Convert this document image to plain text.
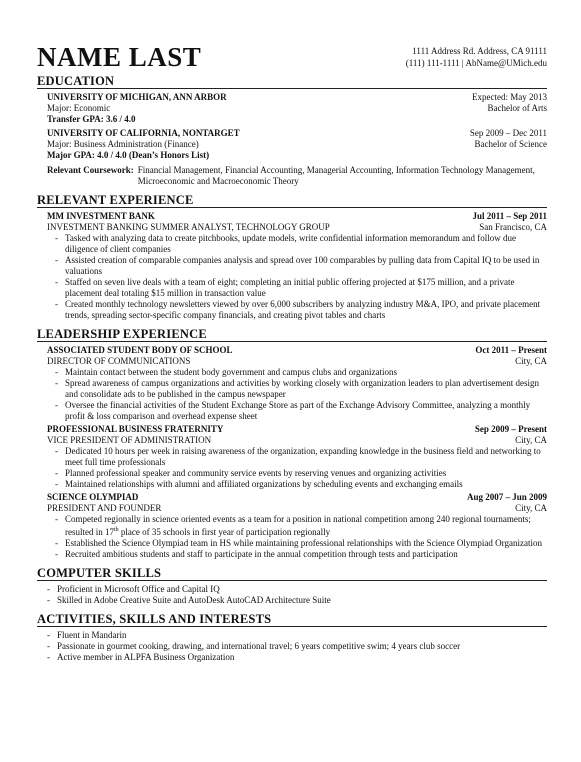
NAME LAST	1111 Address Rd. Address, CA 91111
(111) 111-1111 | AbName@UMich.edu
EDUCATION
UNIVERSITY OF MICHIGAN, ANN ARBOR	Expected: May 2013
Major: Economic	Bachelor of Arts
Transfer GPA: 3.6 / 4.0
UNIVERSITY OF CALIFORNIA, NONTARGET	Sep 2009 – Dec 2011
Major: Business Administration (Finance)	Bachelor of Science
Major GPA: 4.0 / 4.0 (Dean’s Honors List)
Relevant Coursework: Financial Management, Financial Accounting, Managerial Accounting, Information Technology Management, Microeconomic and Macroeconomic Theory
RELEVANT EXPERIENCE
MM INVESTMENT BANK	Jul 2011 – Sep 2011
INVESTMENT BANKING SUMMER ANALYST, TECHNOLOGY GROUP	San Francisco, CA
- Tasked with analyzing data to create pitchbooks, update models, write confidential information memorandum and follow due diligence of client companies
- Assisted creation of comparable companies analysis and spread over 100 comparables by pulling data from Capital IQ to be used in valuations
- Staffed on seven live deals with a team of eight; completing an initial public offering projected at $175 million, and a private placement deal totaling $15 million in transaction value
- Created monthly technology newsletters viewed by over 6,000 subscribers by analyzing industry M&A, IPO, and private placement trends, spreading sector-specific company financials, and creating pivot tables and charts
LEADERSHIP EXPERIENCE
ASSOCIATED STUDENT BODY OF SCHOOL	Oct 2011 – Present
DIRECTOR OF COMMUNICATIONS	City, CA
- Maintain contact between the student body government and campus clubs and organizations
- Spread awareness of campus organizations and activities by working closely with organization leaders to plan advertisement design and consolidate ads to be published in the campus newspaper
- Oversee the financial activities of the Student Exchange Store as part of the Exchange Advisory Committee, analyzing a monthly profit & loss comparison and overhead expense sheet
PROFESSIONAL BUSINESS FRATERNITY	Sep 2009 – Present
VICE PRESIDENT OF ADMINISTRATION	City, CA
- Dedicated 10 hours per week in raising awareness of the organization, expanding knowledge in the business field and networking to meet full time professionals
- Planned professional speaker and community service events by reserving venues and organizing activities
- Maintained relationships with alumni and affiliated organizations by scheduling events and exchanging emails
SCIENCE OLYMPIAD	Aug 2007 – Jun 2009
PRESIDENT AND FOUNDER	City, CA
- Competed regionally in science oriented events as a team for a position in national competition among 240 regional tournaments; resulted in 17th place of 35 schools in first year of participation regionally
- Established the Science Olympiad team in HS while maintaining professional relationships with the Science Olympiad Organization
- Recruited ambitious students and staff to participate in the annual competition through tests and participation
COMPUTER SKILLS
- Proficient in Microsoft Office and Capital IQ
- Skilled in Adobe Creative Suite and AutoDesk AutoCAD Architecture Suite
ACTIVITIES, SKILLS AND INTERESTS
- Fluent in Mandarin
- Passionate in gourmet cooking, drawing, and international travel; 6 years competitive swim; 4 years club soccer
- Active member in ALPFA Business Organization
